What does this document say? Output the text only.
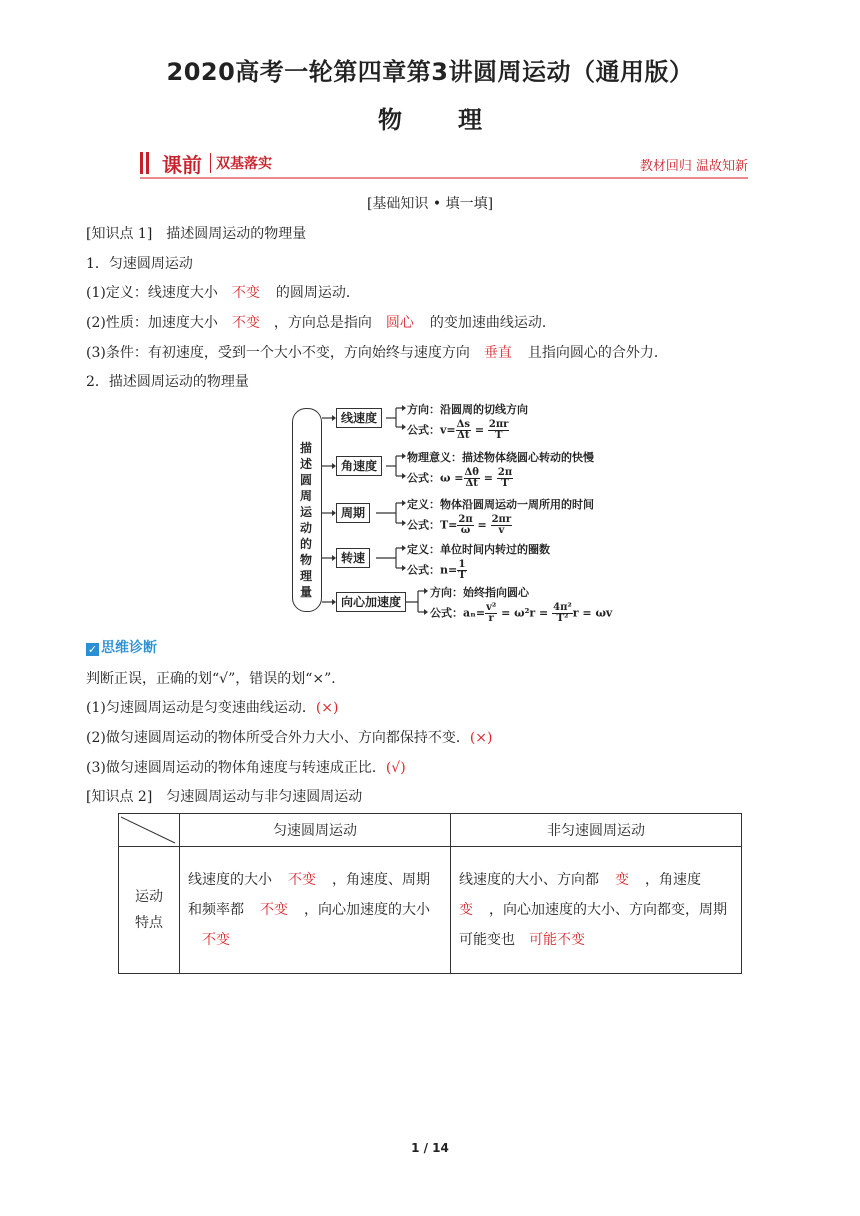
2020高考一轮第四章第3讲圆周运动（通用版）
物 理
课前 双基落实	教材回归 温故知新
[基础知识 • 填一填]
[知识点 1]　描述圆周运动的物理量
1．匀速圆周运动
(1)定义：线速度大小 不变 的圆周运动．
(2)性质：加速度大小 不变 ，方向总是指向 圆心 的变加速曲线运动．
(3)条件：有初速度，受到一个大小不变，方向始终与速度方向 垂直 且指向圆心的合外力．
2．描述圆周运动的物理量
描述圆周运动的物理量
线速度
方向：沿圆周的切线方向
公式：$v= \frac{\Delta s}{\Delta t} = \frac{2\pi r}{T}$
角速度
物理意义：描述物体绕圆心转动的快慢
公式：$\omega = \frac{\Delta\theta}{\Delta t} = \frac{2\pi}{T}$
周期
定义：物体沿圆周运动一周所用的时间
公式：$T= \frac{2\pi}{\omega} = \frac{2\pi r}{v}$
转速
定义：单位时间内转过的圈数
公式：$n= \frac{1}{T}$
向心加速度
方向：始终指向圆心
公式：$a_n= \frac{\text{v²}}{r} = \omega^2r = \frac{\text{4π²}}{\text{T²}}$ r = ωv
✓ 思维诊断
判断正误，正确的划“√”，错误的划“×”．
(1)匀速圆周运动是匀变速曲线运动．(×)
(2)做匀速圆周运动的物体所受合外力大小、方向都保持不变．(×)
(3)做匀速圆周运动的物体角速度与转速成正比．(√)
[知识点 2]　匀速圆周运动与非匀速圆周运动
	匀速圆周运动	非匀速圆周运动
运动
特点	线速度的大小 不变 ，角速度、周期和频率都 不变 ，向心加速度的大小不变	线速度的大小、方向都 变 ，角速度
变 ，向心加速度的大小、方向都变，周期可能变也 可能不变
1 / 14
